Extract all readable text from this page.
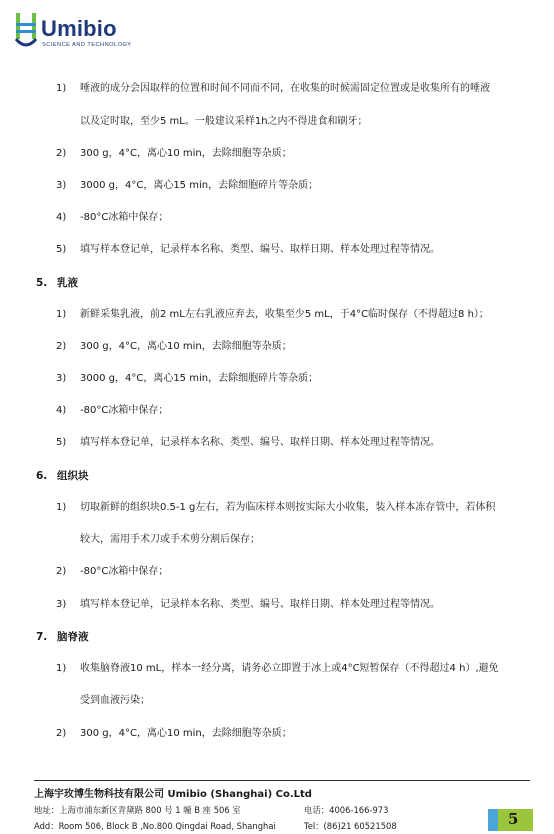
Umibio
SCIENCE AND TECHNOLOGY
1) 唾液的成分会因取样的位置和时间不同而不同，在收集的时候需固定位置或是收集所有的唾液
以及定时取，至少5 mL。一般建议采样1h之内不得进食和刷牙；
2) 300 g，4°C，离心10 min，去除细胞等杂质；
3) 3000 g，4°C，离心15 min，去除细胞碎片等杂质；
4) -80°C冰箱中保存；
5) 填写样本登记单，记录样本名称、类型、编号、取样日期、样本处理过程等情况。
5. 乳液
1) 新鲜采集乳液，前2 mL左右乳液应弃去，收集至少5 mL，于4°C临时保存（不得超过8 h）；
2) 300 g，4°C，离心10 min，去除细胞等杂质；
3) 3000 g，4°C，离心15 min，去除细胞碎片等杂质；
4) -80°C冰箱中保存；
5) 填写样本登记单，记录样本名称、类型、编号、取样日期、样本处理过程等情况。
6. 组织块
1) 切取新鲜的组织块0.5-1 g左右，若为临床样本则按实际大小收集，装入样本冻存管中，若体积
较大，需用手术刀或手术剪分割后保存；
2) -80°C冰箱中保存；
3) 填写样本登记单，记录样本名称、类型、编号、取样日期、样本处理过程等情况。
7. 脑脊液
1) 收集脑脊液10 mL，样本一经分离，请务必立即置于冰上或4°C短暂保存（不得超过4 h）,避免
受到血液污染；
2) 300 g，4°C，离心10 min，去除细胞等杂质；
上海宇玫博生物科技有限公司 Umibio (Shanghai) Co.Ltd
地址：上海市浦东新区青黛路 800 号 1 幢 B 座 506 室	电话：4006-166-973
Add：Room 506, Block B ,No.800 Qingdai Road, Shanghai	Tel：(86)21 60521508	5
